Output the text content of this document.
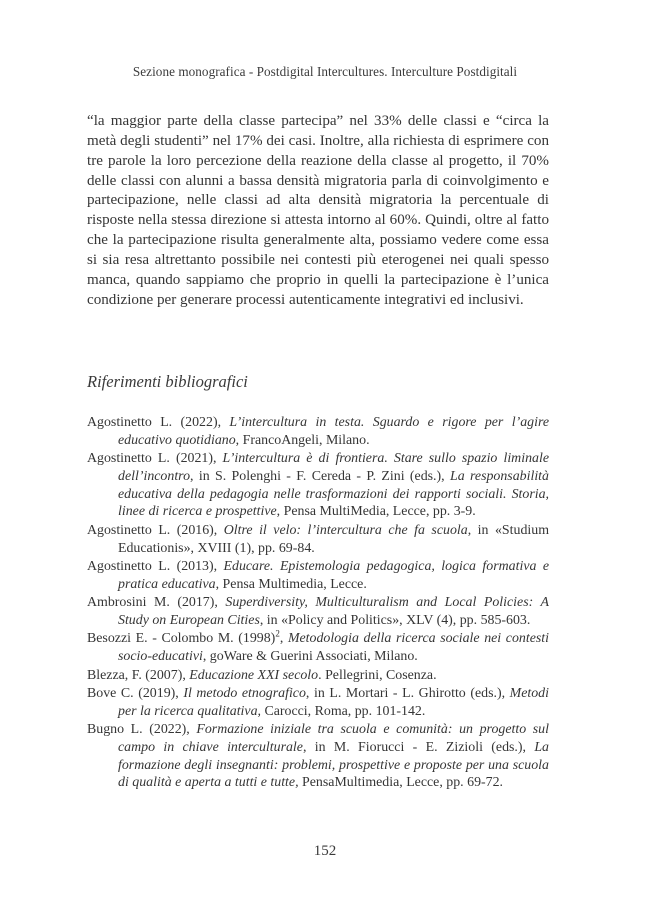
Sezione monografica - Postdigital Intercultures. Interculture Postdigitali

“la maggior parte della classe partecipa” nel 33% delle classi e “circa la metà degli studenti” nel 17% dei casi. Inoltre, alla richiesta di esprimere con tre parole la loro percezione della reazione della classe al progetto, il 70% delle classi con alunni a bassa densità migratoria parla di coinvolgimento e partecipazione, nelle classi ad alta densità migratoria la percentuale di risposte nella stessa direzione si attesta intorno al 60%. Quindi, oltre al fatto che la partecipazione risulta generalmente alta, possiamo vedere come essa si sia resa altrettanto possibile nei contesti più eterogenei nei quali spesso manca, quando sappiamo che proprio in quelli la partecipazione è l’unica condizione per generare processi autenticamente integrativi ed inclusivi.

Riferimenti bibliografici
Agostinetto L. (2022), L’intercultura in testa. Sguardo e rigore per l’agire educativo quotidiano, FrancoAngeli, Milano.
Agostinetto L. (2021), L’intercultura è di frontiera. Stare sullo spazio liminale dell’incontro, in S. Polenghi - F. Cereda - P. Zini (eds.), La responsabilità educativa della pedagogia nelle trasformazioni dei rapporti sociali. Storia, linee di ricerca e prospettive, Pensa MultiMedia, Lecce, pp. 3-9.
Agostinetto L. (2016), Oltre il velo: l’intercultura che fa scuola, in «Studium Educationis», XVIII (1), pp. 69-84.
Agostinetto L. (2013), Educare. Epistemologia pedagogica, logica formativa e pratica educativa, Pensa Multimedia, Lecce.
Ambrosini M. (2017), Superdiversity, Multiculturalism and Local Policies: A Study on European Cities, in «Policy and Politics», XLV (4), pp. 585-603.
Besozzi E. - Colombo M. $(1998)^2$, Metodologia della ricerca sociale nei contesti socio-educativi, goWare & Guerini Associati, Milano.
Blezza, F. (2007), Educazione XXI secolo. Pellegrini, Cosenza.
Bove C. (2019), Il metodo etnografico, in L. Mortari - L. Ghirotto (eds.), Metodi per la ricerca qualitativa, Carocci, Roma, pp. 101-142.
Bugno L. (2022), Formazione iniziale tra scuola e comunità: un progetto sul campo in chiave interculturale, in M. Fiorucci - E. Zizioli (eds.), La formazione degli insegnanti: problemi, prospettive e proposte per una scuola di qualità e aperta a tutti e tutte, PensaMultimedia, Lecce, pp. 69-72.
152
